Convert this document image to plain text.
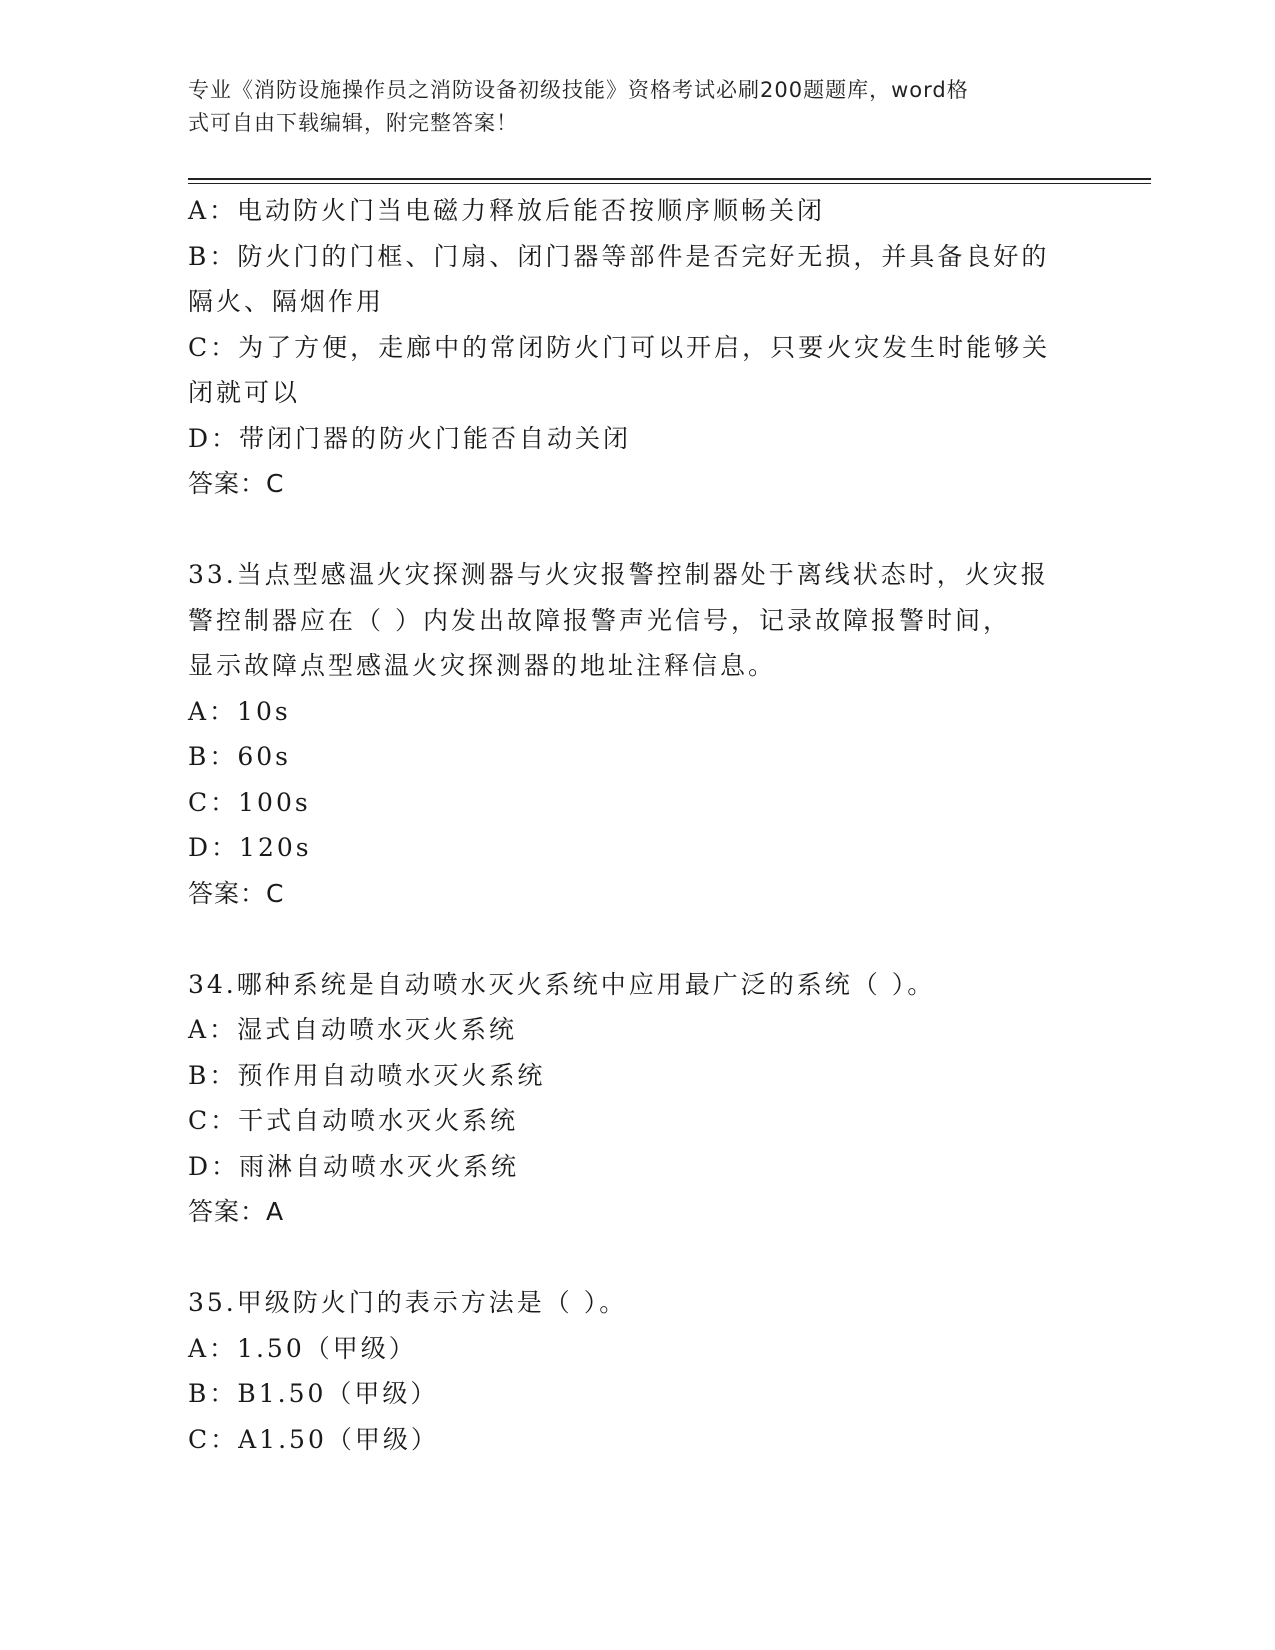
专业《消防设施操作员之消防设备初级技能》资格考试必刷200题题库，word格
式可自由下载编辑，附完整答案！
A：电动防火门当电磁力释放后能否按顺序顺畅关闭
B：防火门的门框、门扇、闭门器等部件是否完好无损，并具备良好的
隔火、隔烟作用
C：为了方便，走廊中的常闭防火门可以开启，只要火灾发生时能够关
闭就可以
D：带闭门器的防火门能否自动关闭
答案：C
33.当点型感温火灾探测器与火灾报警控制器处于离线状态时，火灾报
警控制器应在（ ）内发出故障报警声光信号，记录故障报警时间，
显示故障点型感温火灾探测器的地址注释信息。
A：10s
B：60s
C：100s
D：120s
答案：C
34.哪种系统是自动喷水灭火系统中应用最广泛的系统（ ）。
A：湿式自动喷水灭火系统
B：预作用自动喷水灭火系统
C：干式自动喷水灭火系统
D：雨淋自动喷水灭火系统
答案：A
35.甲级防火门的表示方法是（ ）。
A：1.50（甲级）
B：B1.50（甲级）
C：A1.50（甲级）
